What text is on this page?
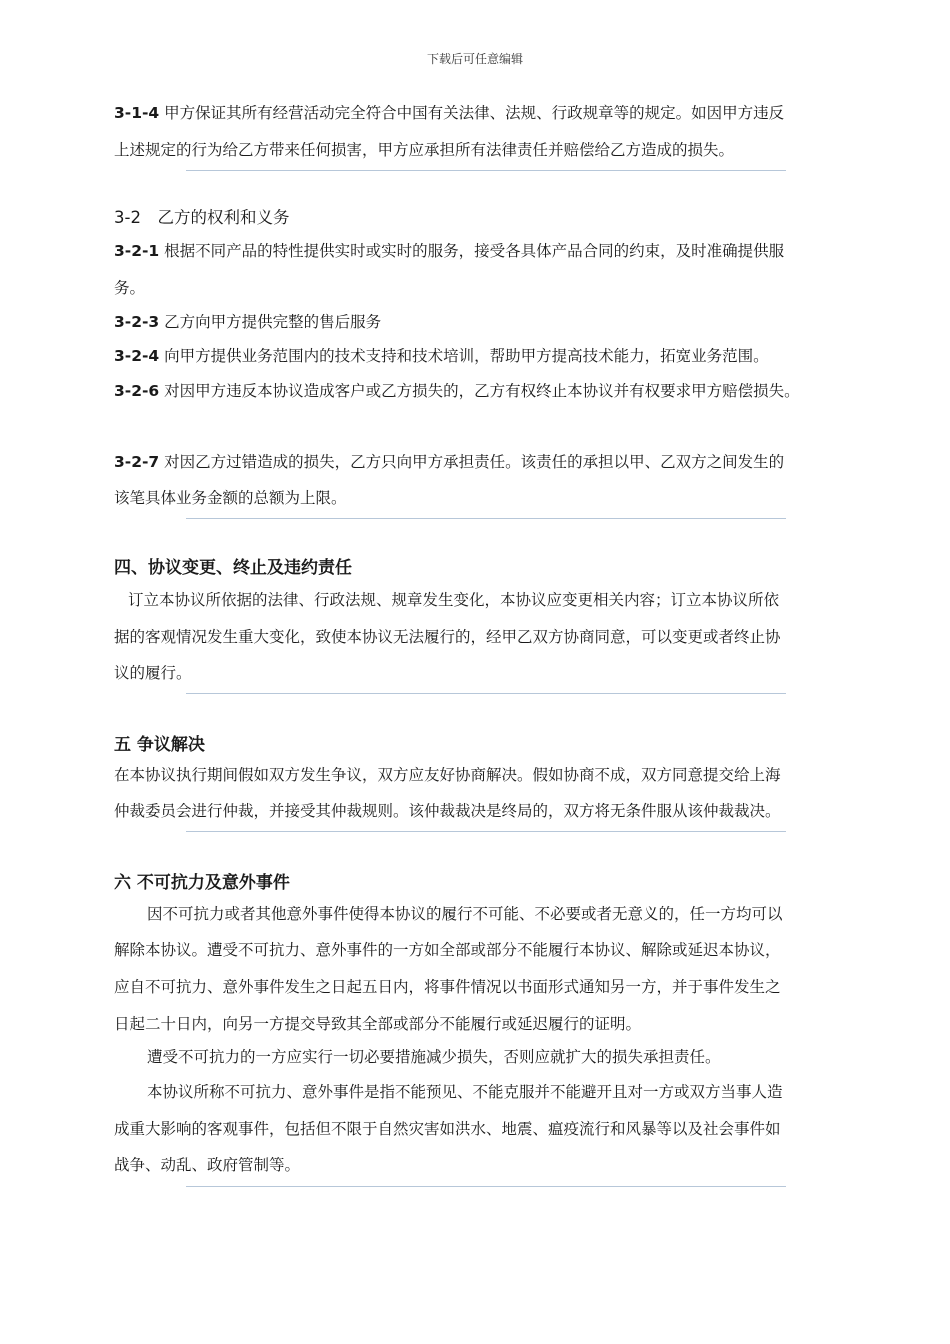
下载后可任意编辑
3-1-4 甲方保证其所有经营活动完全符合中国有关法律、法规、行政规章等的规定。如因甲方违反
上述规定的行为给乙方带来任何损害，甲方应承担所有法律责任并赔偿给乙方造成的损失。
3-2　乙方的权利和义务
3-2-1 根据不同产品的特性提供实时或实时的服务，接受各具体产品合同的约束，及时准确提供服
务。
3-2-3 乙方向甲方提供完整的售后服务
3-2-4 向甲方提供业务范围内的技术支持和技术培训，帮助甲方提高技术能力，拓宽业务范围。
3-2-6 对因甲方违反本协议造成客户或乙方损失的，乙方有权终止本协议并有权要求甲方赔偿损失。
3-2-7 对因乙方过错造成的损失，乙方只向甲方承担责任。该责任的承担以甲、乙双方之间发生的
该笔具体业务金额的总额为上限。
四、协议变更、终止及违约责任
订立本协议所依据的法律、行政法规、规章发生变化，本协议应变更相关内容；订立本协议所依
据的客观情况发生重大变化，致使本协议无法履行的，经甲乙双方协商同意，可以变更或者终止协
议的履行。
五 争议解决
在本协议执行期间假如双方发生争议，双方应友好协商解决。假如协商不成，双方同意提交给上海
仲裁委员会进行仲裁，并接受其仲裁规则。该仲裁裁决是终局的，双方将无条件服从该仲裁裁决。
六 不可抗力及意外事件
因不可抗力或者其他意外事件使得本协议的履行不可能、不必要或者无意义的，任一方均可以
解除本协议。遭受不可抗力、意外事件的一方如全部或部分不能履行本协议、解除或延迟本协议，
应自不可抗力、意外事件发生之日起五日内，将事件情况以书面形式通知另一方，并于事件发生之
日起二十日内，向另一方提交导致其全部或部分不能履行或延迟履行的证明。
遭受不可抗力的一方应实行一切必要措施减少损失，否则应就扩大的损失承担责任。
本协议所称不可抗力、意外事件是指不能预见、不能克服并不能避开且对一方或双方当事人造
成重大影响的客观事件，包括但不限于自然灾害如洪水、地震、瘟疫流行和风暴等以及社会事件如
战争、动乱、政府管制等。
